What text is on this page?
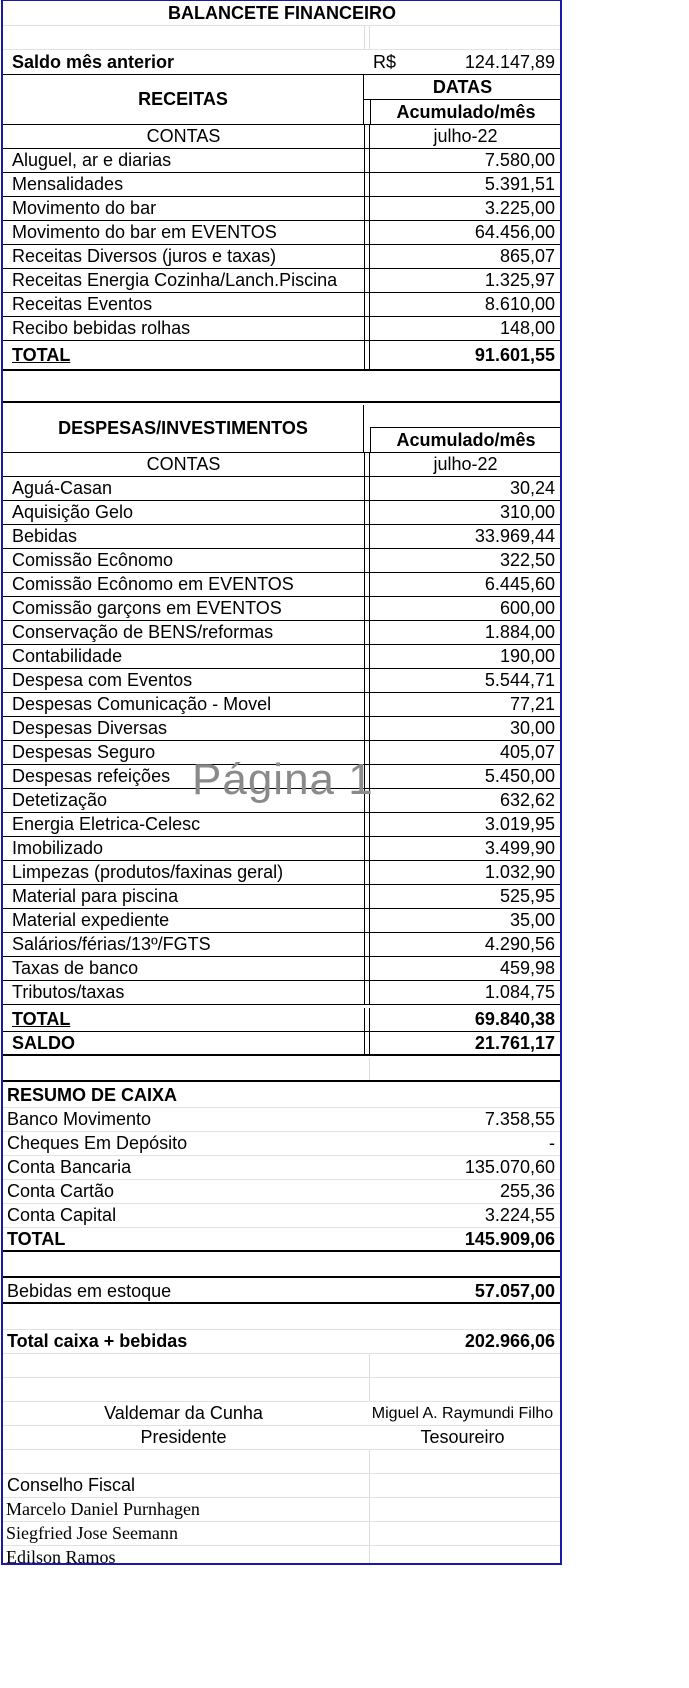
BALANCETE FINANCEIRO
Saldo mês anterior	R$	124.147,89
RECEITAS
DATAS
Acumulado/mês
CONTAS	julho-22
Aluguel, ar e diarias	7.580,00
Mensalidades	5.391,51
Movimento do bar	3.225,00
Movimento do bar em EVENTOS	64.456,00
Receitas Diversos (juros e taxas)	865,07
Receitas Energia Cozinha/Lanch.Piscina	1.325,97
Receitas Eventos	8.610,00
Recibo bebidas rolhas	148,00
TOTAL	91.601,55
DESPESAS/INVESTIMENTOS
Acumulado/mês
CONTAS	julho-22
Aguá-Casan	30,24
Aquisição Gelo	310,00
Bebidas	33.969,44
Comissão Ecônomo	322,50
Comissão Ecônomo em EVENTOS	6.445,60
Comissão garçons em EVENTOS	600,00
Conservação de BENS/reformas	1.884,00
Contabilidade	190,00
Despesa com Eventos	5.544,71
Despesas Comunicação - Movel	77,21
Despesas Diversas	30,00
Despesas Seguro	405,07
Despesas refeições	5.450,00
Detetização	632,62
Energia Eletrica-Celesc	3.019,95
Imobilizado	3.499,90
Limpezas (produtos/faxinas geral)	1.032,90
Material para piscina	525,95
Material expediente	35,00
Salários/férias/13º/FGTS	4.290,56
Taxas de banco	459,98
Tributos/taxas	1.084,75
TOTAL	69.840,38
SALDO	21.761,17
RESUMO DE CAIXA
Banco Movimento	7.358,55
Cheques Em Depósito	-
Conta Bancaria	135.070,60
Conta Cartão	255,36
Conta Capital	3.224,55
TOTAL	145.909,06
Bebidas em estoque	57.057,00
Total caixa + bebidas	202.966,06
Valdemar da Cunha	Miguel A. Raymundi Filho
Presidente	Tesoureiro
Conselho Fiscal
Marcelo Daniel Purnhagen
Siegfried Jose Seemann
Edilson Ramos
Página 1
